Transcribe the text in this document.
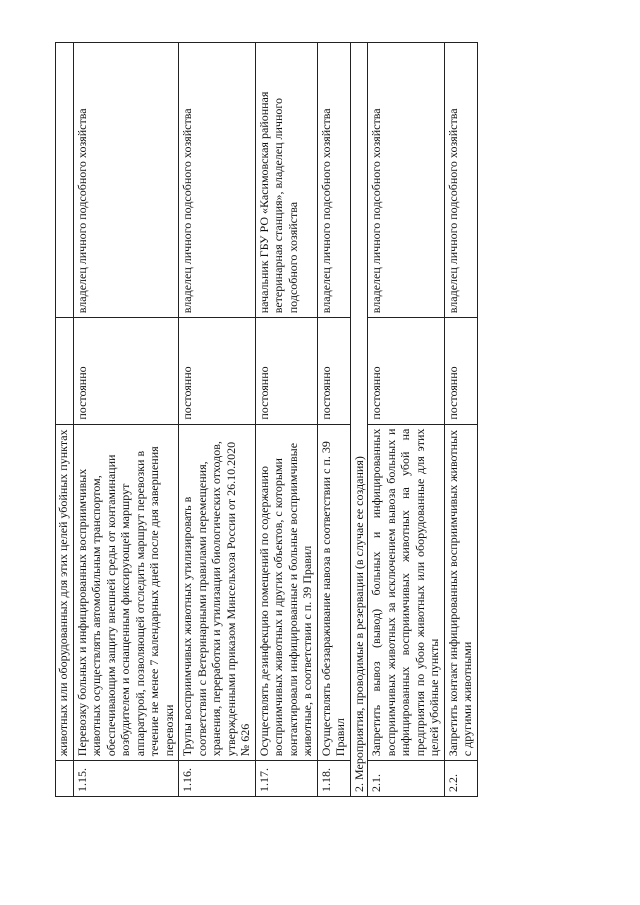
	животных или оборудованных для этих целей убойных пунктах		
1.15.	Перевозку больных и инфицированных восприимчивых животных осуществлять автомобильным транспортом, обеспечивающим защиту внешней среды от контаминации возбудителем и оснащенным фиксирующей маршрут аппаратурой, позволяющей отследить маршрут перевозки в течение не менее 7 календарных дней после дня завершения перевозки	постоянно	владелец личного подсобного хозяйства
1.16.	Трупы восприимчивых животных утилизировать в соответствии с Ветеринарными правилами перемещения, хранения, переработки и утилизации биологических отходов, утвержденными приказом Минсельхоза России от 26.10.2020 № 626	постоянно	владелец личного подсобного хозяйства
1.17.	Осуществлять дезинфекцию помещений по содержанию восприимчивых животных и других объектов, с которыми контактировали инфицированные и больные восприимчивые животные, в соответствии с п. 39 Правил	постоянно	начальник ГБУ РО «Касимовская районная ветеринарная станция», владелец личного подсобного хозяйства
1.18.	Осуществлять обеззараживание навоза в соответствии с п. 39 Правил	постоянно	владелец личного подсобного хозяйства
2. Мероприятия, проводимые в резервации (в случае ее создания)			
2.1.	Запретить вывоз (вывод) больных и инфицированных восприимчивых животных за исключением вывоза больных и инфицированных восприимчивых животных на убой на предприятия по убою животных или оборудованные для этих целей убойные пункты	постоянно	владелец личного подсобного хозяйства
2.2.	Запретить контакт инфицированных восприимчивых животных с другими животными	постоянно	владелец личного подсобного хозяйства
